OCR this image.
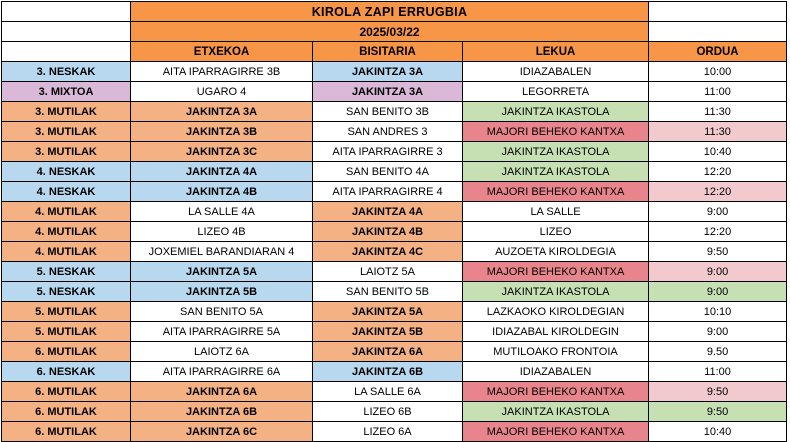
	KIROLA ZAPI ERRUGBIA			
	2025/03/22			
	ETXEKOA	BISITARIA	LEKUA	ORDUA
3. NESKAK	AITA IPARRAGIRRE 3B	JAKINTZA 3A	IDIAZABALEN	10:00
3. MIXTOA	UGARO 4	JAKINTZA 3A	LEGORRETA	11:00
3. MUTILAK	JAKINTZA 3A	SAN BENITO 3B	JAKINTZA IKASTOLA	11:30
3. MUTILAK	JAKINTZA 3B	SAN ANDRES 3	MAJORI BEHEKO KANTXA	11:30
3. MUTILAK	JAKINTZA 3C	AITA IPARRAGIRRE 3	JAKINTZA IKASTOLA	10:40
4. NESKAK	JAKINTZA 4A	SAN BENITO 4A	JAKINTZA IKASTOLA	12:20
4. NESKAK	JAKINTZA 4B	AITA IPARRAGIRRE 4	MAJORI BEHEKO KANTXA	12:20
4. MUTILAK	LA SALLE 4A	JAKINTZA 4A	LA SALLE	9:00
4. MUTILAK	LIZEO 4B	JAKINTZA 4B	LIZEO	12:20
4. MUTILAK	JOXEMIEL BARANDIARAN 4	JAKINTZA 4C	AUZOETA KIROLDEGIA	9:50
5. NESKAK	JAKINTZA 5A	LAIOTZ 5A	MAJORI BEHEKO KANTXA	9:00
5. NESKAK	JAKINTZA 5B	SAN BENITO 5B	JAKINTZA IKASTOLA	9:00
5. MUTILAK	SAN BENITO 5A	JAKINTZA 5A	LAZKAOKO KIROLDEGIAN	10:10
5. MUTILAK	AITA IPARRAGIRRE 5A	JAKINTZA 5B	IDIAZABAL KIROLDEGIN	9:00
6. MUTILAK	LAIOTZ 6A	JAKINTZA 6A	MUTILOAKO FRONTOIA	9.50
6. NESKAK	AITA IPARRAGIRRE 6A	JAKINTZA 6B	IDIAZABALEN	11:00
6. MUTILAK	JAKINTZA 6A	LA SALLE 6A	MAJORI BEHEKO KANTXA	9:50
6. MUTILAK	JAKINTZA 6B	LIZEO 6B	JAKINTZA IKASTOLA	9:50
6. MUTILAK	JAKINTZA 6C	LIZEO 6A	MAJORI BEHEKO KANTXA	10:40
